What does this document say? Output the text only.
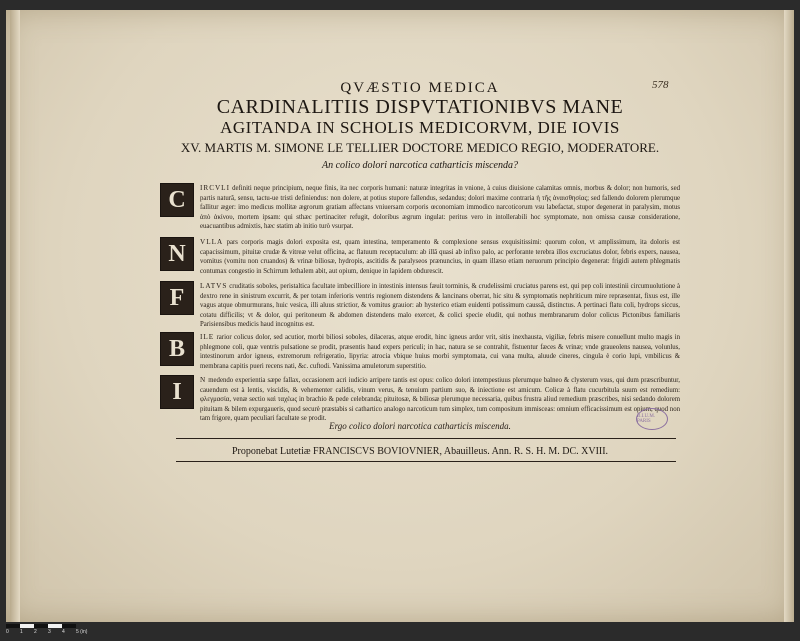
578
QVÆSTIO MEDICA
CARDINALITIIS DISPVTATIONIBVS MANE
AGITANDA IN SCHOLIS MEDICORVM, DIE IOVIS
XV. MARTIS M. SIMONE LE TELLIER DOCTORE MEDICO REGIO, MODERATORE.
An colico dolori narcotica catharticis miscenda?
C	IRCVLI definiti neque principium, neque finis, ita nec corporis humani: naturæ integritas in vnione, à cuius diuisione calamitas omnis, morbus & dolor; non humoris, sed partis naturâ, sensu, tactu-ue tristi definiendus: non dolere, at potius stupore fallendus, sedandus; dolori maxime contraria ἡ τῆς ἀναισθησίας; sed fallendo dolorem plerumque fallitur æger: imo medicus mollitæ ægrorum gratiam affectans vniuersam corporis œconomiam immodico narcoticorum vsu labefactat, stupor degenerat in paralysim, motus ἀπὸ ἀκίνου, mortem ipsam: qui sthæc pertinaciter refugit, doloribus ægrum ingulat: peritus vero in intollerabili hoc symptomate, non omissa causæ consideratione, euacuantibus admixtis, hæc statim ab initio turò vsurpat.
N	VLLA pars corporis magis dolori exposita est, quam intestina, temperamento & complexione sensus exquisitissimi: quorum colon, vt amplissimum, ita doloris est capacissimum, pituitæ crudæ & vitreæ velut officina, ac flatuum receptaculum: ab illâ quasi ab infixo palo, ac perforante terebra illos excruciatus dolor, febris expers, nausea, vomitus (vomitu non cruandos) & vrinæ biliosæ, hydropis, ascitidis & paralyseos prænuncius, in quam illæso etiam neruorum principio degenerat: frigidi autem phlegmatis contumax congestio in Schirrum lethalem abit, aut opium, denique in lapidem obdurescit.
F	LATVS cruditatis soboles, peristaltica facultate imbecilliore in intestinis intensus fæuit torminis, & crudelissimi cruciatus parens est, qui pep coli intestinii circumuolutione à dextro rene in sinistrum excurrit, & per totam inferioris ventris regionem distendens & lancinans oberrat, hic situ & symptomatis nephriticum mire repræsentat, fixus est, ille vagus atque obmurmurans, huic vesica, illi aluus strictior, & vomitus grauior: ab hysterico etiam euidenti potissimum caussâ, distinctus. A pertinaci flatu coli, hydrops siccus, cotatu difficilis; vt & dolor, qui peritoneum & abdomen distendens malo exercet, & colici specie eludit, qui nothus membranarum dolor colicus Pictonibus familiaris Parisiensibus medicis haud incognitus est.
B	ILE rarior colicus dolor, sed acutior, morbi biliosi soboles, dilaceras, atque erodit, hinc igneus ardor vrit, sitis inexhausta, vigiliæ, febris misere conuellunt multo magis in phlegmone coli, quæ ventris pulsatione se prodit, præsentis haud expers periculi; in hac, natura se se contrahit, fistuentur fæces & vrinæ; vnde graueolens nausea, volunlus, intestinorum ardor igneus, extremorum refrigeratio, lipyria: atrocia vbique huius morbi symptomata, cui vana multa, aluude cineres, cingula è corio lupi, vmbilicus & membrana capitis pueri recens nati, &c. cuftodi. Vanissima amuletorum superstitio.
I	N medendo experientia sæpe fallax, occasionem acri iudicio arripere tantis est opus: colico dolori intempestiuus plerumque balneo & clysterum vsus, qui dum præscribuntur, cauendum est à lentis, viscidis, & vehementer calidis, vinum verus, & tenuium partium suo, & iniectione est amicum. Colicæ à flatu cucurbitula suum est remedium: φλεγμασία, venæ sectio καὶ ταχέως in brachio & pede celebranda; pituitosæ, & biliosæ plerumque necessaria, quibus frustra aliud remedium præscribes, nisi sedando dolorem pituitam & bilem expurgaueris, quod securè præstabis si cathartico analogo narcoticum tum simplex, tum compositum immisceas: omnium efficacissimum est opium, quod non tam frigore, quam peculiari facultate se prodit.	B.I.U.M. PARIS
Ergo colico dolori narcotica catharticis miscenda.
Proponebat Lutetiæ FRANCISCVS BOVIOVNIER, Abauilleus. Ann. R. S. H. M. DC. XVIII.
0 1 2 3 4 5 (in)
